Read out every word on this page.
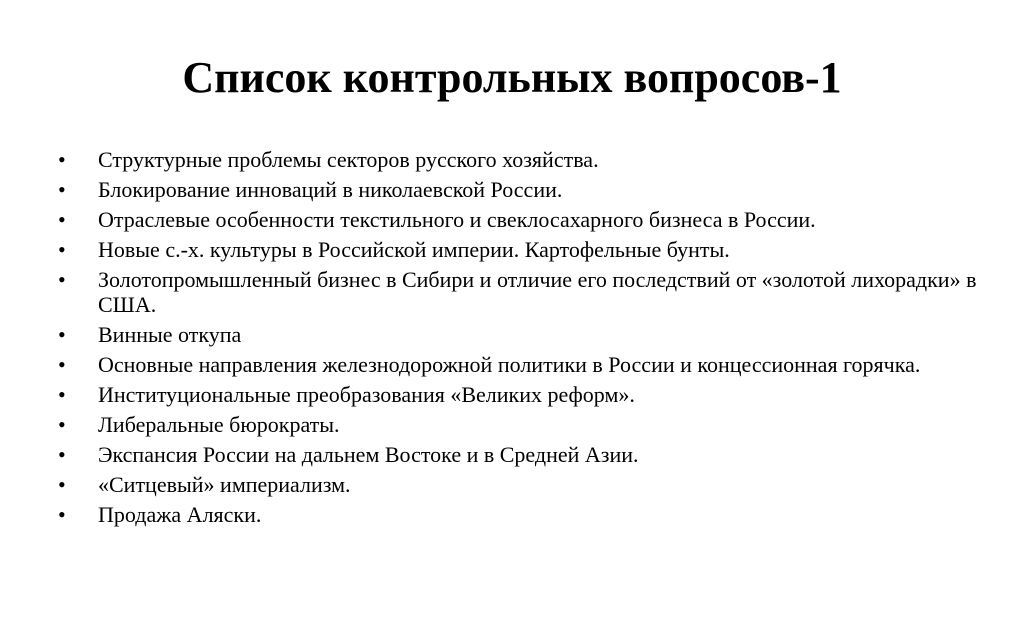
Список контрольных вопросов-1
•	Структурные проблемы секторов русского хозяйства.
•	Блокирование инноваций в николаевской России.
•	Отраслевые особенности текстильного и свеклосахарного бизнеса в России.
•	Новые с.-х. культуры в Российской империи. Картофельные бунты.
•	Золотопромышленный бизнес в Сибири и отличие его последствий от «золотой лихорадки» в США.
•	Винные откупа
•	Основные направления железнодорожной политики в России и концессионная горячка.
•	Институциональные преобразования «Великих реформ».
•	Либеральные бюрократы.
•	Экспансия России на дальнем Востоке и в Средней Азии.
•	«Ситцевый» империализм.
•	Продажа Аляски.
